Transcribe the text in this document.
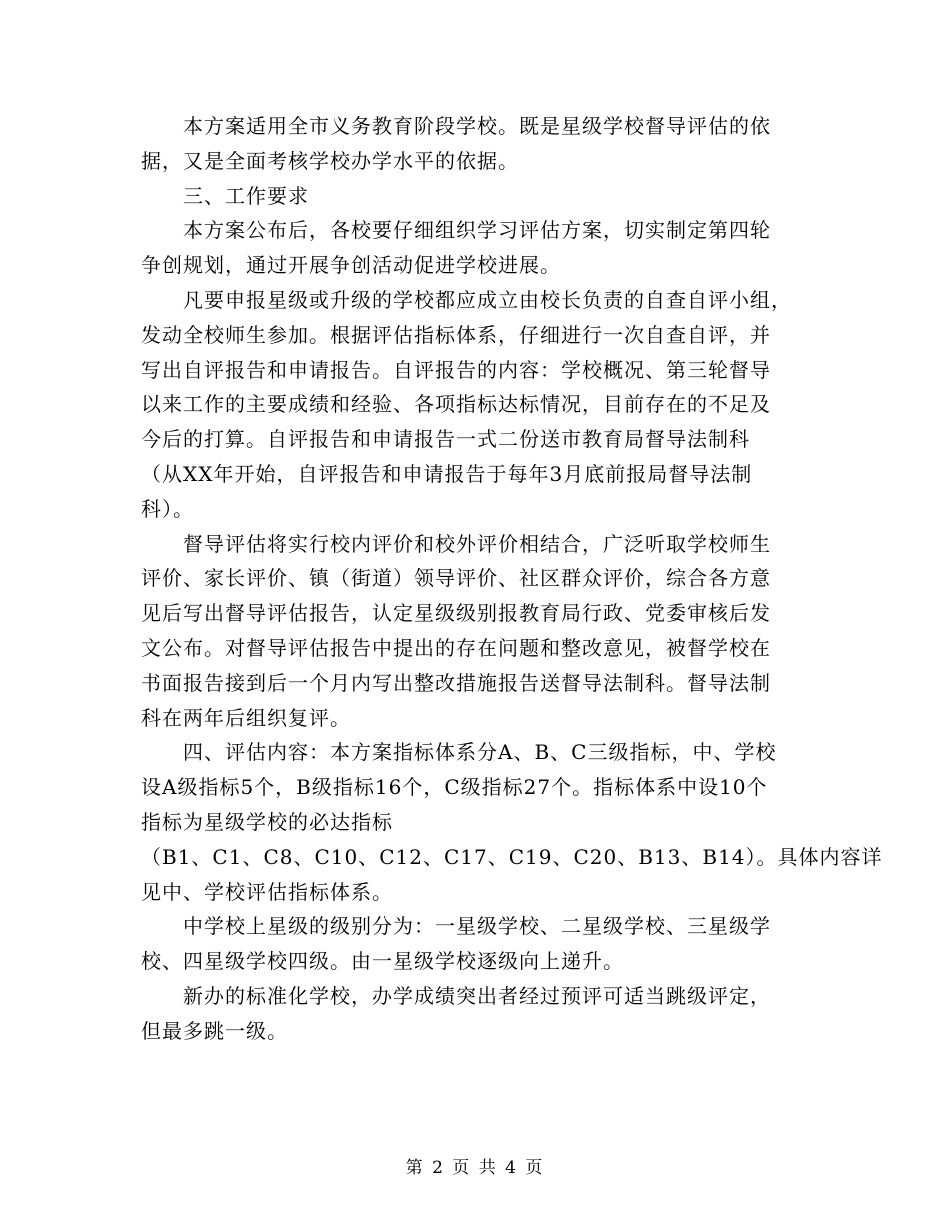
　　本方案适用全市义务教育阶段学校。既是星级学校督导评估的依
据，又是全面考核学校办学水平的依据。

　　三、工作要求

　　本方案公布后，各校要仔细组织学习评估方案，切实制定第四轮
争创规划，通过开展争创活动促进学校进展。

　　凡要申报星级或升级的学校都应成立由校长负责的自查自评小组，
发动全校师生参加。根据评估指标体系，仔细进行一次自查自评，并
写出自评报告和申请报告。自评报告的内容：学校概况、第三轮督导
以来工作的主要成绩和经验、各项指标达标情况，目前存在的不足及
今后的打算。自评报告和申请报告一式二份送市教育局督导法制科
（从XX年开始，自评报告和申请报告于每年3月底前报局督导法制
科）。

　　督导评估将实行校内评价和校外评价相结合，广泛听取学校师生
评价、家长评价、镇（街道）领导评价、社区群众评价，综合各方意
见后写出督导评估报告，认定星级级别报教育局行政、党委审核后发
文公布。对督导评估报告中提出的存在问题和整改意见，被督学校在
书面报告接到后一个月内写出整改措施报告送督导法制科。督导法制
科在两年后组织复评。

　　四、评估内容：本方案指标体系分A、B、C三级指标，中、学校
设A级指标5个，B级指标16个，C级指标27个。指标体系中设10个
指标为星级学校的必达指标
（B1、C1、C8、C10、C12、C17、C19、C20、B13、B14）。具体内容详
见中、学校评估指标体系。

　　中学校上星级的级别分为：一星级学校、二星级学校、三星级学
校、四星级学校四级。由一星级学校逐级向上递升。

　　新办的标准化学校，办学成绩突出者经过预评可适当跳级评定，
但最多跳一级。

第 2 页 共 4 页
